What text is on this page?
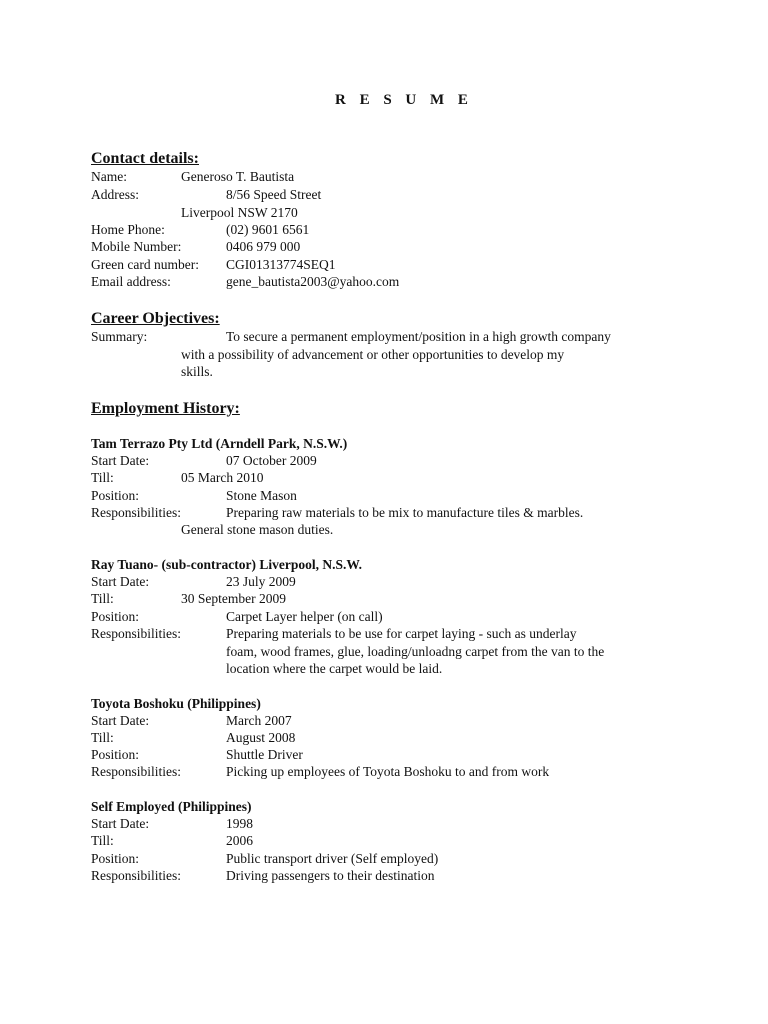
R E S U M E
Contact details:
Name:	Generoso T. Bautista
Address:	8/56 Speed Street
Liverpool NSW 2170
Home Phone:	(02) 9601 6561
Mobile Number:	0406 979 000
Green card number: CGI01313774SEQ1
Email address:	gene_bautista2003@yahoo.com
Career Objectives:
Summary:	To secure a permanent employment/position in a high growth company
with a possibility of advancement or other opportunities to develop my
skills.
Employment History:
Tam Terrazo Pty Ltd (Arndell Park, N.S.W.)
Start Date:	07 October 2009
Till:	05 March 2010
Position:	Stone Mason
Responsibilities:	Preparing raw materials to be mix to manufacture tiles & marbles.
General stone mason duties.
Ray Tuano- (sub-contractor) Liverpool, N.S.W.
Start Date:	23 July 2009
Till:	30 September 2009
Position:	Carpet Layer helper (on call)
Responsibilities:	Preparing materials to be use for carpet laying - such as underlay
foam, wood frames, glue, loading/unloadng carpet from the van to the
location where the carpet would be laid.
Toyota Boshoku (Philippines)
Start Date:	March 2007
Till:	August 2008
Position:	Shuttle Driver
Responsibilities:	Picking up employees of Toyota Boshoku to and from work
Self Employed (Philippines)
Start Date:	1998
Till:	2006
Position:	Public transport driver (Self employed)
Responsibilities:	Driving passengers to their destination
